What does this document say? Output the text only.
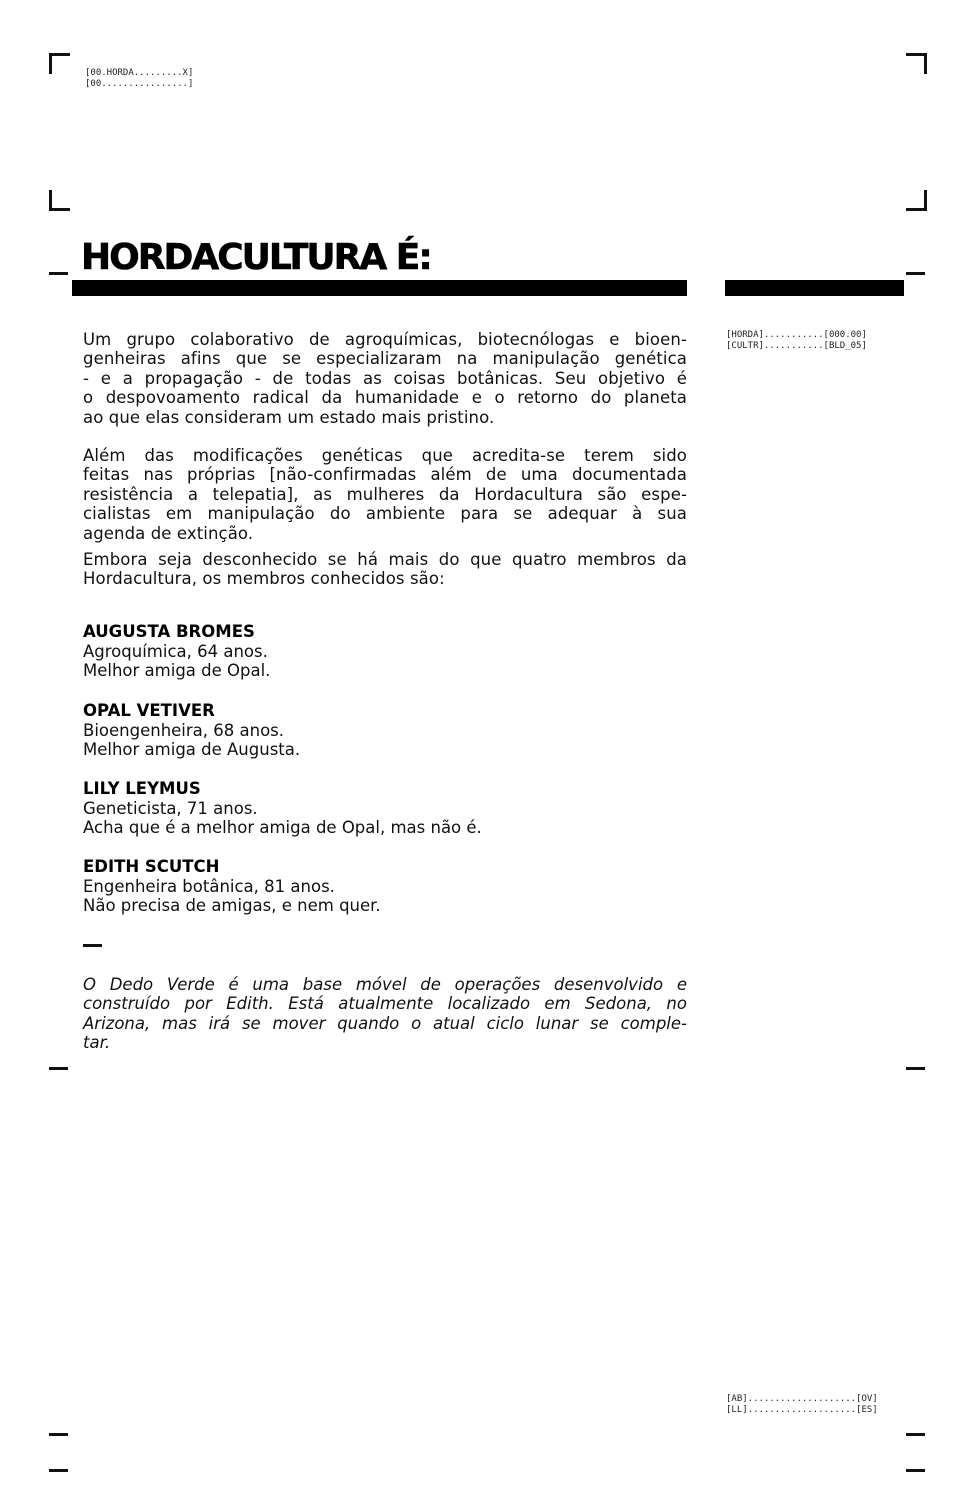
[00.HORDA.........X]
[00................]
HORDACULTURA É:
[HORDA]...........[000.00]
[CULTR]...........[BLD_05]
Um grupo colaborativo de agroquímicas, biotecnólogas e bioen-
genheiras afins que se especializaram na manipulação genética
- e a propagação - de todas as coisas botânicas. Seu objetivo é
o despovoamento radical da humanidade e o retorno do planeta
ao que elas consideram um estado mais pristino.
Além das modificações genéticas que acredita-se terem sido
feitas nas próprias [não-confirmadas além de uma documentada
resistência a telepatia], as mulheres da Hordacultura são espe-
cialistas em manipulação do ambiente para se adequar à sua
agenda de extinção.
Embora seja desconhecido se há mais do que quatro membros da
Hordacultura, os membros conhecidos são:

AUGUSTA BROMES

Agroquímica, 64 anos.

Melhor amiga de Opal.

OPAL VETIVER

Bioengenheira, 68 anos.

Melhor amiga de Augusta.

LILY LEYMUS

Geneticista, 71 anos.

Acha que é a melhor amiga de Opal, mas não é.

EDITH SCUTCH

Engenheira botânica, 81 anos.

Não precisa de amigas, e nem quer.

O Dedo Verde é uma base móvel de operações desenvolvido e
construído por Edith. Está atualmente localizado em Sedona, no
Arizona, mas irá se mover quando o atual ciclo lunar se comple-
tar.
[AB]....................[OV]
[LL]....................[ES]
